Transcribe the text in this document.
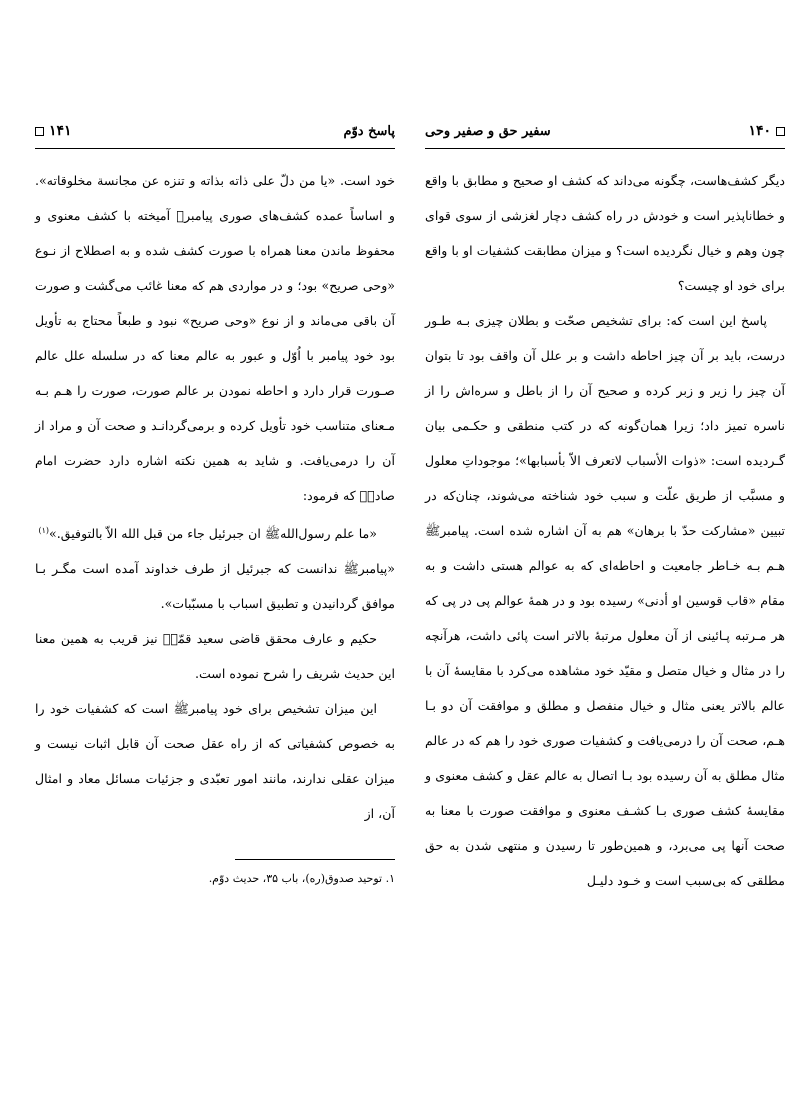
پاسخ دوّم
۱۴۱

خود است. «یا من دلّ علی ذاته بذاته و تنزه عن مجانسة مخلوقاته». و اساساً عمده کشف‌های صوری پیامبرﷺ آمیخته با کشف معنوی و محفوظ ماندن معنا همراه با صورت کشف شده و به اصطلاح از نـوع «وحی صریح» بود؛ و در مواردی هم که معنا غائب می‌گشت و صورت آن باقی می‌ماند و از نوع «وحی صریح» نبود و طبعاً محتاج به تأویل بود خود پیامبر با اُوّل و عبور به عالم معنا که در سلسله علل عالم صـورت قرار دارد و احاطه نمودن بر عالم صورت، صورت را هـم بـه مـعنای متناسب خود تأویل کرده و برمی‌گردانـد و صحت آن و مراد از آن را درمی‌یافت. و شاید به همین نکته اشاره دارد حضرت امام صادقؑ که فرمود:

«ما علم رسول‌اللهﷺ ان جبرئیل جاء من قبل الله الاّ بالتوفیق.»$^{(۱)}$

«پیامبرﷺ ندانست که جبرئیل از طرف خداوند آمده است مگـر بـا موافق گردانیدن و تطبیق اسباب با مسبّبات».

حکیم و عارف محقق قاضی سعید قمّیؒ نیز قریب به همین معنا این حدیث شریف را شرح نموده است.

این میزان تشخیص برای خود پیامبرﷺ است که کشفیات خود را به خصوص کشفیاتی که از راه عقل صحت آن قابل اثبات نیست و میزان عقلی ندارند، مانند امور تعبّدی و جزئیات مسائل معاد و امثال آن، از

۱. توحید صدوق(ره)، باب ۳۵، حدیث دوّم.
۱۴۰
سفیر حق و صفیر وحی

دیگر کشف‌هاست، چگونه می‌داند که کشف او صحیح و مطابق با واقع و خطاناپذیر است و خودش در راه کشف دچار لغزشی از سوی قوای چون وهم و خیال نگردیده است؟ و میزان مطابقت کشفیات او با واقع برای خود او چیست؟

پاسخ این است که: برای تشخیص صحّت و بطلان چیزی بـه طـور درست، باید بر آن چیز احاطه داشت و بر علل آن واقف بود تا بتوان آن چیز را زیر و زبر کرده و صحیح آن را از باطل و سره‌اش را از ناسره تمیز داد؛ زیرا همان‌گونه که در کتب منطقی و حکـمی بیان گـردیده است: «ذوات الأسباب لاتعرف الاّ بأسبابها»؛ موجوداتِ معلول و مسبَّب از طریق علّت و سبب خود شناخته می‌شوند، چنان‌که در تبیین «مشارکت حدّ با برهان» هم به آن اشاره شده است. پیامبرﷺ هـم بـه خـاطر جامعیت و احاطه‌ای که به عوالم هستی داشت و به مقام «قاب قوسین او أدنی» رسیده بود و در همهٔ عوالم پی در پی که هر مـرتبه پـائینی از آن معلول مرتبهٔ بالاتر است پائی داشت، هرآنچه را در مثال و خیال متصل و مقیّد خود مشاهده می‌کرد با مقایسهٔ آن با عالم بالاتر یعنی مثال و خیال منفصل و مطلق و موافقت آن دو بـا هـم، صحت آن را درمی‌یافت و کشفیات صوری خود را هم که در عالم مثال مطلق به آن رسیده بود بـا اتصال به عالم عقل و کشف معنوی و مقایسهٔ کشف صوری بـا کشـف معنوی و موافقت صورت با معنا به صحت آنها پی می‌برد، و همین‌طور تا رسیدن و منتهی شدن به حق مطلقی که بی‌سبب است و خـود دلیـل
